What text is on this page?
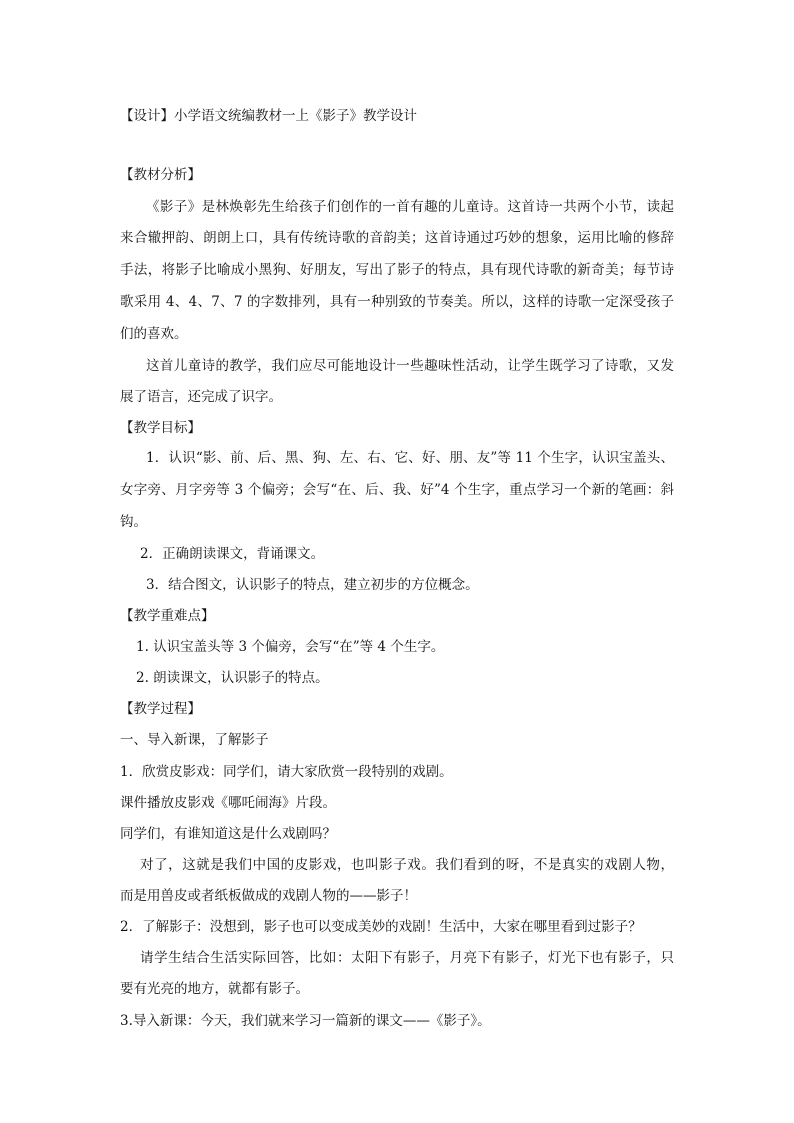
【设计】小学语文统编教材一上《影子》教学设计
【教材分析】
《影子》是林焕彰先生给孩子们创作的一首有趣的儿童诗。这首诗一共两个小节，读起
来合辙押韵、朗朗上口，具有传统诗歌的音韵美；这首诗通过巧妙的想象，运用比喻的修辞
手法，将影子比喻成小黑狗、好朋友，写出了影子的特点，具有现代诗歌的新奇美；每节诗
歌采用 4、4、7、7 的字数排列，具有一种别致的节奏美。所以，这样的诗歌一定深受孩子
们的喜欢。
这首儿童诗的教学，我们应尽可能地设计一些趣味性活动，让学生既学习了诗歌，又发
展了语言，还完成了识字。
【教学目标】
1．认识“影、前、后、黑、狗、左、右、它、好、朋、友”等 11 个生字，认识宝盖头、
女字旁、月字旁等 3 个偏旁；会写“在、后、我、好”4 个生字，重点学习一个新的笔画：斜
钩。
2．正确朗读课文，背诵课文。
3．结合图文，认识影子的特点，建立初步的方位概念。
【教学重难点】
1. 认识宝盖头等 3 个偏旁，会写“在”等 4 个生字。
2. 朗读课文，认识影子的特点。
【教学过程】
一、导入新课，了解影子
1．欣赏皮影戏：同学们，请大家欣赏一段特别的戏剧。
课件播放皮影戏《哪吒闹海》片段。
同学们，有谁知道这是什么戏剧吗？
对了，这就是我们中国的皮影戏，也叫影子戏。我们看到的呀，不是真实的戏剧人物，
而是用兽皮或者纸板做成的戏剧人物的——影子！
2．了解影子：没想到，影子也可以变成美妙的戏剧！生活中，大家在哪里看到过影子？
请学生结合生活实际回答，比如：太阳下有影子，月亮下有影子，灯光下也有影子，只
要有光亮的地方，就都有影子。
3.导入新课：今天，我们就来学习一篇新的课文——《影子》。
